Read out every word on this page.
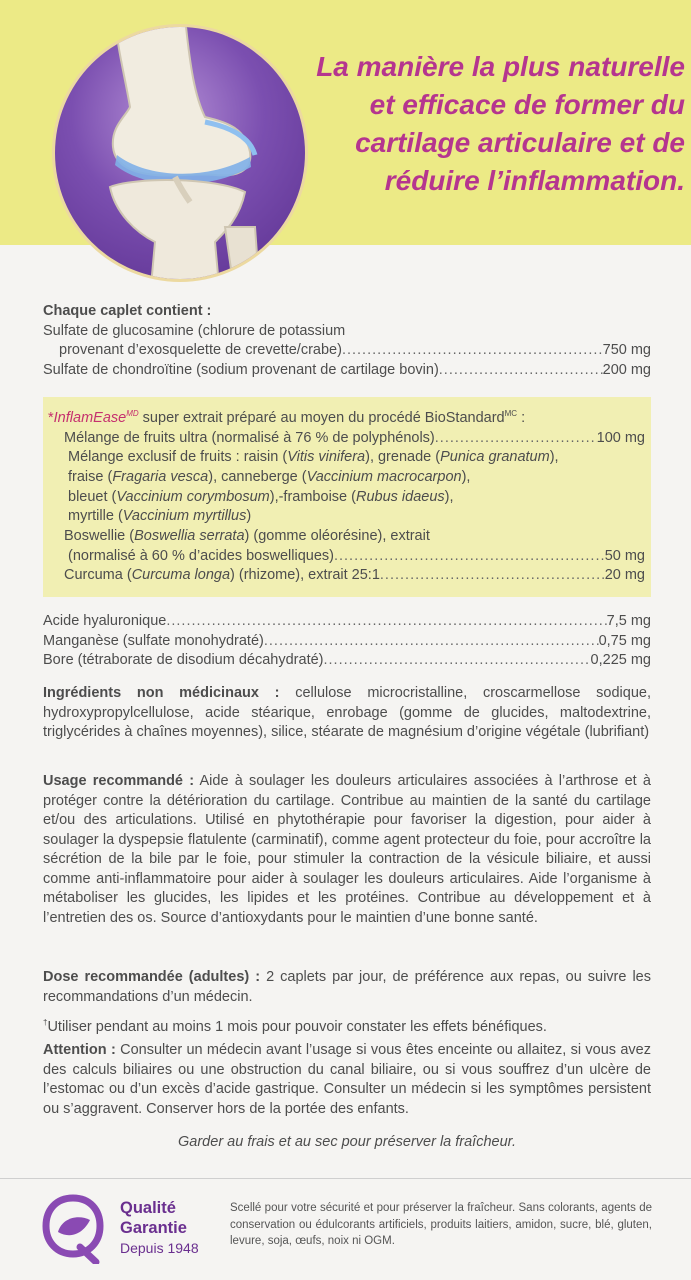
La manière la plus naturelle
et efficace de former du
cartilage articulaire et de
réduire l’inflammation.
Chaque caplet contient :
Sulfate de glucosamine (chlorure de potassium
provenant d’exosquelette de crevette/crabe) .....	750 mg
Sulfate de chondroïtine (sodium provenant de cartilage bovin) .....	200 mg
*InflamEase$^{MD}$ super extrait préparé au moyen du procédé BioStandard$^{MC}$ :
Mélange de fruits ultra (normalisé à 76 % de polyphénols) .....	100 mg
Mélange exclusif de fruits : raisin (Vitis vinifera), grenade (Punica granatum),
fraise (Fragaria vesca), canneberge (Vaccinium macrocarpon),
bleuet (Vaccinium corymbosum),-framboise (Rubus idaeus),
myrtille (Vaccinium myrtillus)
Boswellie (Boswellia serrata) (gomme oléorésine), extrait
(normalisé à 60 % d’acides boswelliques) .....	50 mg
Curcuma (Curcuma longa) (rhizome), extrait 25:1 .....	20 mg
Acide hyaluronique .....	7,5 mg
Manganèse (sulfate monohydraté) .....	0,75 mg
Bore (tétraborate de disodium décahydraté) .....	0,225 mg
Ingrédients non médicinaux : cellulose microcristalline, croscarmellose sodique, hydroxypropylcellulose, acide stéarique, enrobage (gomme de glucides, maltodextrine, triglycérides à chaînes moyennes), silice, stéarate de magnésium d’origine végétale (lubrifiant)
Usage recommandé : Aide à soulager les douleurs articulaires associées à l’arthrose et à protéger contre la détérioration du cartilage. Contribue au maintien de la santé du cartilage et/ou des articulations. Utilisé en phytothérapie pour favoriser la digestion, pour aider à soulager la dyspepsie flatulente (carminatif), comme agent protecteur du foie, pour accroître la sécrétion de la bile par le foie, pour stimuler la contraction de la vésicule biliaire, et aussi comme anti-inflammatoire pour aider à soulager les douleurs articulaires. Aide l’organisme à métaboliser les glucides, les lipides et les protéines. Contribue au développement et à l’entretien des os. Source d’antioxydants pour le maintien d’une bonne santé.
Dose recommandée (adultes) : 2 caplets par jour, de préférence aux repas, ou suivre les recommandations d’un médecin.
†Utiliser pendant au moins 1 mois pour pouvoir constater les effets bénéfiques.
Attention : Consulter un médecin avant l’usage si vous êtes enceinte ou allaitez, si vous avez des calculs biliaires ou une obstruction du canal biliaire, ou si vous souffrez d’un ulcère de l’estomac ou d’un excès d’acide gastrique. Consulter un médecin si les symptômes persistent ou s’aggravent. Conserver hors de la portée des enfants.
Garder au frais et au sec pour préserver la fraîcheur.
Qualité
Garantie
Depuis 1948
Scellé pour votre sécurité et pour préserver la fraîcheur. Sans colorants, agents de conservation ou édulcorants artificiels, produits laitiers, amidon, sucre, blé, gluten, levure, soja, œufs, noix ni OGM.
